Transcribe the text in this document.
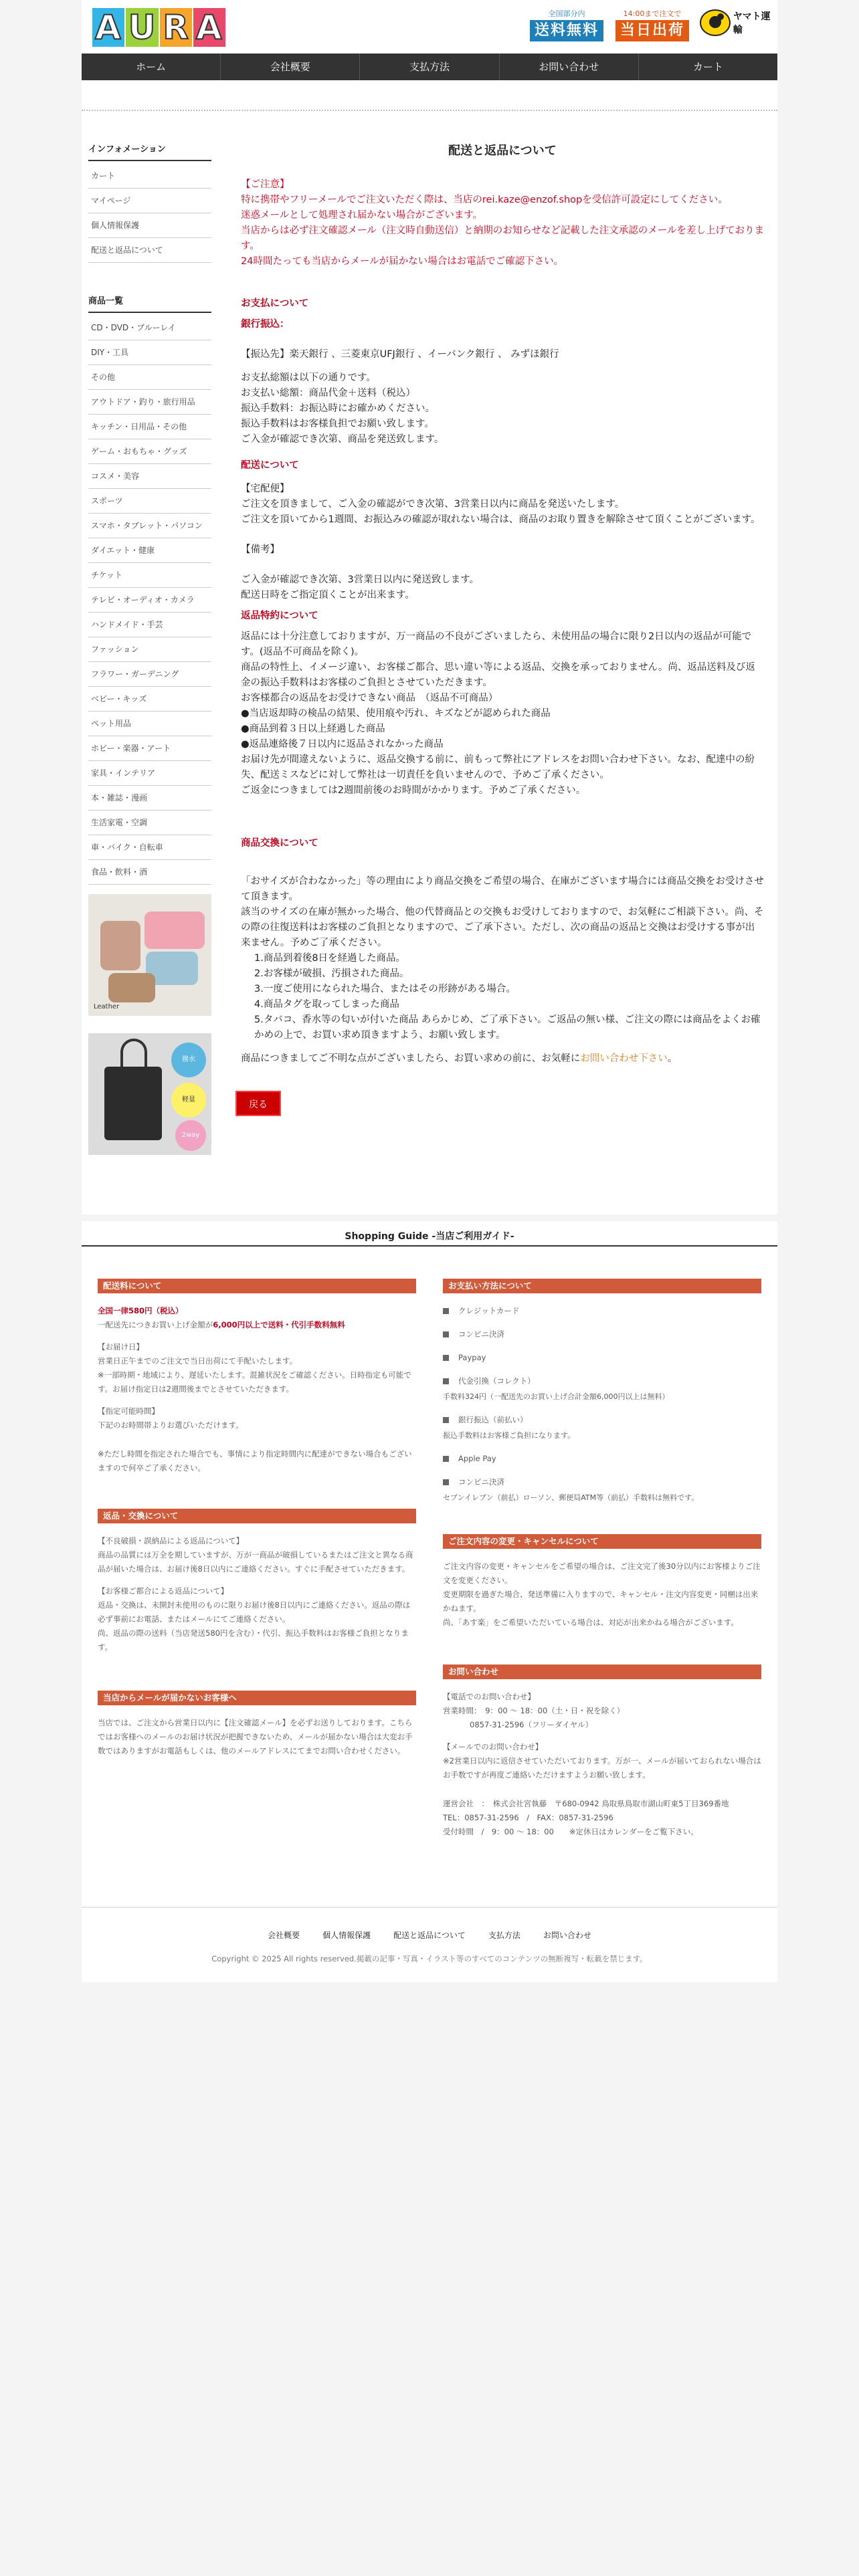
A U R A	全国部分内
送料無料
14:00まで注文で
当日出荷
ヤマト運輸
ホーム	会社概要	支払方法	お問い合わせ	カート
インフォメーション
カート
マイページ
個人情報保護
配送と返品について
商品一覧
CD・DVD・ブルーレイ
DIY・工具
その他
アウトドア・釣り・旅行用品
キッチン・日用品・その他
ゲーム・おもちゃ・グッズ
コスメ・美容
スポーツ
スマホ・タブレット・パソコン
ダイエット・健康
チケット
テレビ・オーディオ・カメラ
ハンドメイド・手芸
ファッション
フラワー・ガーデニング
ベビー・キッズ
ペット用品
ホビー・楽器・アート
家具・インテリア
本・雑誌・漫画
生活家電・空調
車・バイク・自転車
食品・飲料・酒
Leather
撥水
軽量
2way
配送と返品について

【ご注意】

特に携帯やフリーメールでご注文いただく際は、当店のrei.kaze@enzof.shopを受信許可設定にしてください。

迷惑メールとして処理され届かない場合がございます。

当店からは必ず注文確認メール（注文時自動送信）と納期のお知らせなど記載した注文承認のメールを差し上げております。

24時間たっても当店からメールが届かない場合はお電話でご確認下さい。

お支払について

銀行振込：

【振込先】楽天銀行 、三菱東京UFJ銀行 、イーバンク銀行 、 みずほ銀行

お支払総額は以下の通りです。

お支払い総額：商品代金＋送料（税込）

振込手数料：お振込時にお確かめください。

振込手数料はお客様負担でお願い致します。

ご入金が確認でき次第、商品を発送致します。

配送について

【宅配便】

ご注文を頂きまして、ご入金の確認ができ次第、3営業日以内に商品を発送いたします。

ご注文を頂いてから1週間、お振込みの確認が取れない場合は、商品のお取り置きを解除させて頂くことがございます。

【備考】

ご入金が確認でき次第、3営業日以内に発送致します。

配送日時をご指定頂くことが出来ます。

返品特約について

返品には十分注意しておりますが、万一商品の不良がございましたら、未使用品の場合に限り2日以内の返品が可能です。(返品不可商品を除く)。

商品の特性上、イメージ違い、お客様ご都合、思い違い等による返品、交換を承っておりません。尚、返品送料及び返金の振込手数料はお客様のご負担とさせていただきます。

お客様都合の返品をお受けできない商品　（返品不可商品）

●当店返却時の検品の結果、使用痕や汚れ、キズなどが認められた商品

●商品到着３日以上経過した商品

●返品連絡後７日以内に返品されなかった商品

お届け先が間違えないように、返品交換する前に、前もって弊社にアドレスをお問い合わせ下さい。なお、配達中の紛失、配送ミスなどに対して弊社は一切責任を負いませんので、予めご了承ください。

ご返金につきましては2週間前後のお時間がかかります。予めご了承ください。

商品交換について

「おサイズが合わなかった」等の理由により商品交換をご希望の場合、在庫がございます場合には商品交換をお受けさせて頂きます。

該当のサイズの在庫が無かった場合、他の代替商品との交換もお受けしておりますので、お気軽にご相談下さい。尚、その際の往復送料はお客様のご負担となりますので、ご了承下さい。ただし、次の商品の返品と交換はお受けする事が出来ません。予めご了承ください。

1.商品到着後8日を経過した商品。

2.お客様が破損、汚損された商品。

3.一度ご使用になられた場合、またはその形跡がある場合。

4.商品タグを取ってしまった商品

5.タバコ、香水等の匂いが付いた商品 あらかじめ、ご了承下さい。ご返品の無い様、ご注文の際には商品をよくお確かめの上で、お買い求め頂きますよう、お願い致します。

商品につきましてご不明な点がございましたら、お買い求めの前に、お気軽にお問い合わせ下さい。

戻る
Shopping Guide -当店ご利用ガイド-
配送料について

全国一律580円（税込）

一配送先につきお買い上げ金額が6,000円以上で送料・代引手数料無料

【お届け日】

営業日正午までのご注文で当日出荷にて手配いたします。

※一部時期・地域により、遅延いたします。混雑状況をご確認ください。日時指定も可能です。お届け指定日は2週間後までとさせていただきます。

【指定可能時間】

下記のお時間帯よりお選びいただけます。

※ただし時間を指定された場合でも、事情により指定時間内に配達ができない場合もございますので何卒ご了承ください。

返品・交換について

【不良破損・誤納品による返品について】

商品の品質には万全を期していますが、万が一商品が破損しているまたはご注文と異なる商品が届いた場合は、お届け後8日以内にご連絡ください。すぐに手配させていただきます。

【お客様ご都合による返品について】

返品・交換は、未開封未使用のものに限りお届け後8日以内にご連絡ください。返品の際は必ず事前にお電話、またはメールにてご連絡ください。

尚、返品の際の送料（当店発送580円を含む）・代引、振込手数料はお客様ご負担となります。

当店からメールが届かないお客様へ

当店では、ご注文から営業日以内に【注文確認メール】を必ずお送りしております。こちらではお客様へのメールのお届け状況が把握できないため、メールが届かない場合は大変お手数ではありますがお電話もしくは、他のメールアドレスにてまでお問い合わせください。

お支払い方法について
クレジットカード
コンビニ決済
Paypay
代金引換（コレクト）
手数料324円（一配送先のお買い上げ合計金額6,000円以上は無料）
銀行振込（前払い）
振込手数料はお客様ご負担になります。
Apple Pay
コンビニ決済
セブンイレブン（前払）ローソン、郵便局ATM等（前払）手数料は無料です。
ご注文内容の変更・キャンセルについて

ご注文内容の変更・キャンセルをご希望の場合は、ご注文完了後30分以内にお客様よりご注文を変更ください。

変更期限を過ぎた場合、発送準備に入りますので、キャンセル・注文内容変更・同梱は出来かねます。

尚、「あす楽」をご希望いただいている場合は、対応が出来かねる場合がございます。

お問い合わせ

【電話でのお問い合わせ】

営業時間：　9：00 ～ 18：00（土・日・祝を除く）

0857-31-2596（フリーダイヤル）

【メールでのお問い合わせ】

※2営業日以内に返信させていただいております。万が一、メールが届いておられない場合はお手数ですが再度ご連絡いただけますようお願い致します。

運営会社　：　株式会社宮執藤　〒680-0942 鳥取県鳥取市湖山町東5丁目369番地

TEL：0857-31-2596　/　FAX：0857-31-2596

受付時間　/　9：00 ～ 18：00　　※定休日はカレンダーをご覧下さい。

会社概要	個人情報保護	配送と返品について	支払方法	お問い合わせ
Copyright © 2025 All rights reserved.掲載の記事・写真・イラスト等のすべてのコンテンツの無断複写・転載を禁じます。
